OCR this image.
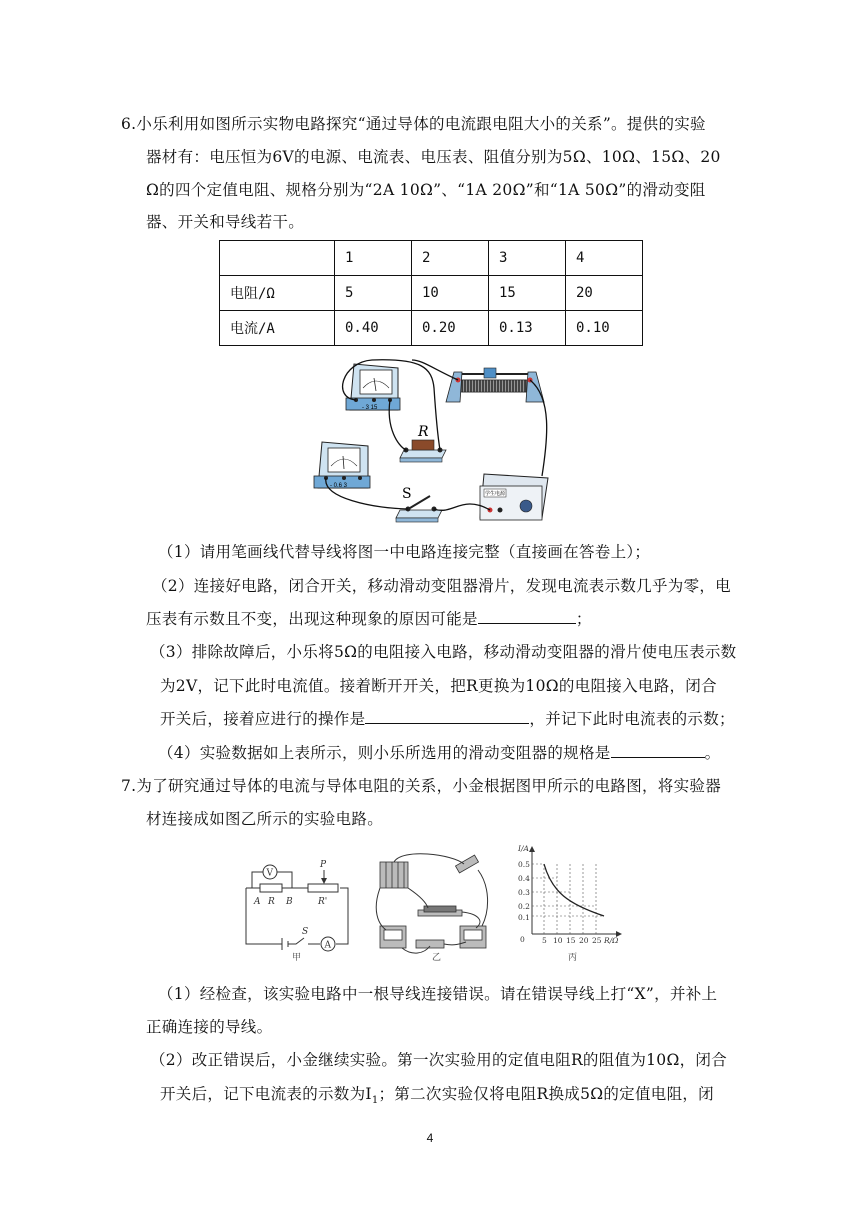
6.小乐利用如图所示实物电路探究“通过导体的电流跟电阻大小的关系”。提供的实验
器材有：电压恒为6V的电源、电流表、电压表、阻值分别为5Ω、10Ω、15Ω、20
Ω的四个定值电阻、规格分别为“2A 10Ω”、“1A 20Ω”和“1A 50Ω”的滑动变阻
器、开关和导线若干。
	1	2	3	4
电阻/Ω	5	10	15	20
电流/A	0.40	0.20	0.13	0.10
- 3 15
- 0.6 3
R
S	学生电源
（1）请用笔画线代替导线将图一中电路连接完整（直接画在答卷上）；
（2）连接好电路，闭合开关，移动滑动变阻器滑片，发现电流表示数几乎为零，电
压表有示数且不变，出现这种现象的原因可能是	；
（3）排除故障后，小乐将5Ω的电阻接入电路，移动滑动变阻器的滑片使电压表示数
为2V，记下此时电流值。接着断开开关，把R更换为10Ω的电阻接入电路，闭合
开关后，接着应进行的操作是	，并记下此时电流表的示数；
（4）实验数据如上表所示，则小乐所选用的滑动变阻器的规格是	。
7.为了研究通过导体的电流与导体电阻的关系，小金根据图甲所示的电路图，将实验器
材连接成如图乙所示的实验电路。
V
A
P
A R B	R'
S
甲	乙
I/A
0.5
0.4
0.3
0.2
0.1
0 5 10 15 20 25 R/Ω
丙
（1）经检查，该实验电路中一根导线连接错误。请在错误导线上打“X”，并补上
正确连接的导线。
（2）改正错误后，小金继续实验。第一次实验用的定值电阻R的阻值为10Ω，闭合
开关后，记下电流表的示数为$I_1$；第二次实验仅将电阻R换成5Ω的定值电阻，闭
4
